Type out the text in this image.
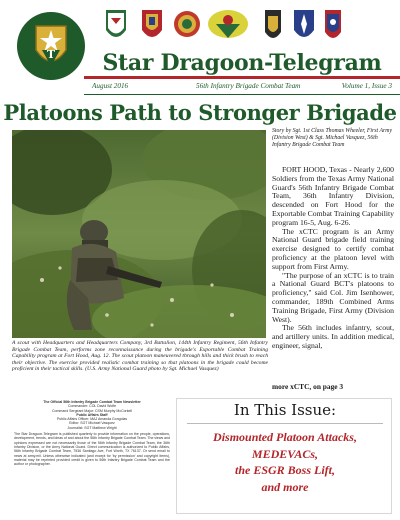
T	Star Dragoon-Telegram
August 2016	56th Infantry Brigade Combat Team	Volume 1, Issue 3
Platoons Path to Stronger Brigade
A scout with Headquarters and Headquarters Company, 3rd Battalion, 144th Infantry Regiment, 56th Infantry Brigade Combat Team, performs zone reconnaissance during the brigade's Exportable Combat Training Capability program at Fort Hood, Aug. 12. The scout platoon maneuvered through hills and thick brush to reach their objective. The exercise provided realistic combat training so that platoons in the brigade could become proficient in their tactical skills. (U.S. Army National Guard photo by Sgt. Michael Vasquez)
Story by Sgt. 1st Class Thomas Wheeler, First Army (Division West) & Sgt. Michael Vasquez, 56th Infantry Brigade Combat Team

FORT HOOD, Texas - Nearly 2,600 Soldiers from the Texas Army National Guard's 56th Infantry Brigade Combat Team, 36th Infantry Division, descended on Fort Hood for the Exportable Combat Training Capability program 16-5, Aug. 6-26.

The xCTC program is an Army National Guard brigade field training exercise designed to certify combat proficiency at the platoon level with support from First Army.

"The purpose of an xCTC is to train a National Guard BCT's platoons to proficiency," said Col. Jim Isenhower, commander, 189th Combined Arms Training Brigade, First Army (Division West).

The 56th includes infantry, scout, and artillery units. In addition medical, engineer, signal,

more xCTC, on page 3
The Official 56th Infantry Brigade Combat Team Newsletter
Commander: COL David Wolfe
Command Sergeant Major: CSM Murphy McCorkell
Public Affairs Staff
Public Affairs Officer: MAJ Amanda Gongolas
Editor: SGT Michael Vasquez
Journalist: SGT Matthew Wright
The Star Dragoon-Telegram is published quarterly to provide information on the people, operations, development, trends, and ideas of and about the 56th Infantry Brigade Combat Team. The views and opinions expressed are not necessarily those of the 56th Infantry Brigade Combat Team, the 36th Infantry Division, or the Army National Guard. Direct communication is authorized to Public Affairs, 56th Infantry Brigade Combat Team, 7536 Santiago Ave, Fort Worth, TX 76137. Or send email to news at army.mil. Unless otherwise indicated (and except for 'by permission' and copyright items), material may be reprinted provided credit is given to 56th Infantry Brigade Combat Team and the author or photographer.
In This Issue:
Dismounted Platoon Attacks,
MEDEVACs,
the ESGR Boss Lift,
and more
